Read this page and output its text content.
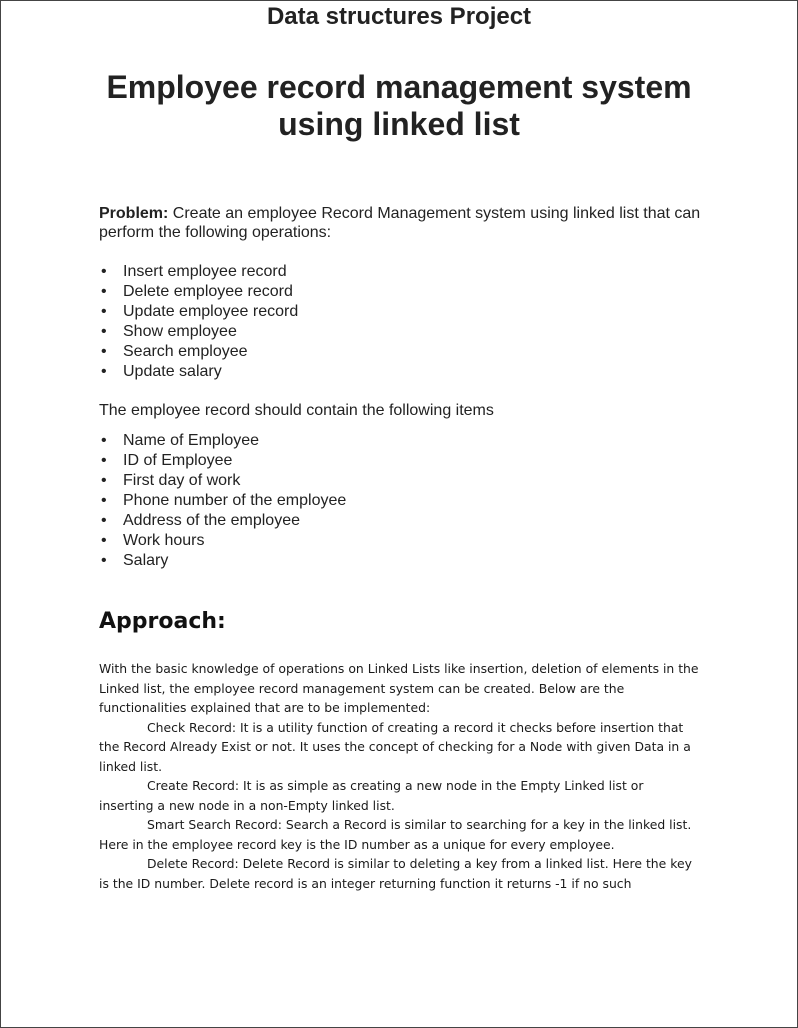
Data structures Project
Employee record management system using linked list
Problem: Create an employee Record Management system using linked list that can perform the following operations:
• Insert employee record
• Delete employee record
• Update employee record
• Show employee
• Search employee
• Update salary
The employee record should contain the following items
• Name of Employee
• ID of Employee
• First day of work
• Phone number of the employee
• Address of the employee
• Work hours
• Salary
Approach:

With the basic knowledge of operations on Linked Lists like insertion, deletion of elements in the Linked list, the employee record management system can be created. Below are the functionalities explained that are to be implemented:

Check Record: It is a utility function of creating a record it checks before insertion that the Record Already Exist or not. It uses the concept of checking for a Node with given Data in a linked list.

Create Record: It is as simple as creating a new node in the Empty Linked list or inserting a new node in a non-Empty linked list.

Smart Search Record: Search a Record is similar to searching for a key in the linked list. Here in the employee record key is the ID number as a unique for every employee.

Delete Record: Delete Record is similar to deleting a key from a linked list. Here the key is the ID number. Delete record is an integer returning function it returns -1 if no such
